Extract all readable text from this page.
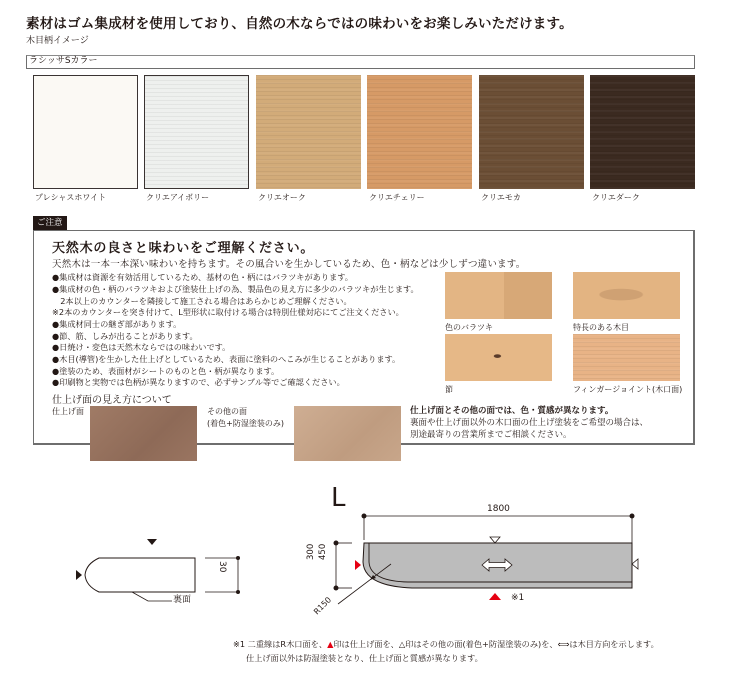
素材はゴム集成材を使用しており、自然の木ならではの味わいをお楽しみいただけます。
木目柄イメージ
ラシッサSカラー
プレシャスホワイト	クリエアイボリー	クリエオーク	クリエチェリー	クリエモカ	クリエダーク
ご注意
天然木の良さと味わいをご理解ください。
天然木は一本一本深い味わいを持ちます。その風合いを生かしているため、色・柄などは少しずつ違います。
●集成材は資源を有効活用しているため、基材の色・柄にはバラツキがあります。
●集成材の色・柄のバラツキおよび塗装仕上げの為、製品色の見え方に多少のバラツキが生じます。
　2本以上のカウンターを隣接して施工される場合はあらかじめご理解ください。
※2本のカウンターを突き付けて、L型形状に取付ける場合は特別仕様対応にてご注文ください。
●集成材同士の継ぎ部があります。
●節、筋、しみが出ることがあります。
●日焼け・変色は天然木ならではの味わいです。
●木目(導管)を生かした仕上げとしているため、表面に塗料のへこみが生じることがあります。
●塗装のため、表面材がシートのものと色・柄が異なります。
●印刷物と実物では色柄が異なりますので、必ずサンプル等でご確認ください。
色のバラツキ	特長のある木目
節	フィンガージョイント(木口面)
仕上げ面の見え方について
仕上げ面	その他の面
(着色+防湿塗装のみ)
仕上げ面とその他の面では、色・質感が異なります。
裏面や仕上げ面以外の木口面の仕上げ塗装をご希望の場合は、
別途最寄りの営業所までご相談ください。
30
裏面
L	1800
300 450
R150	※1
※1 二重線はR木口面を、▲印は仕上げ面を、△印はその他の面(着色+防湿塗装のみ)を、⟺は木目方向を示します。
仕上げ面以外は防湿塗装となり、仕上げ面と質感が異なります。
